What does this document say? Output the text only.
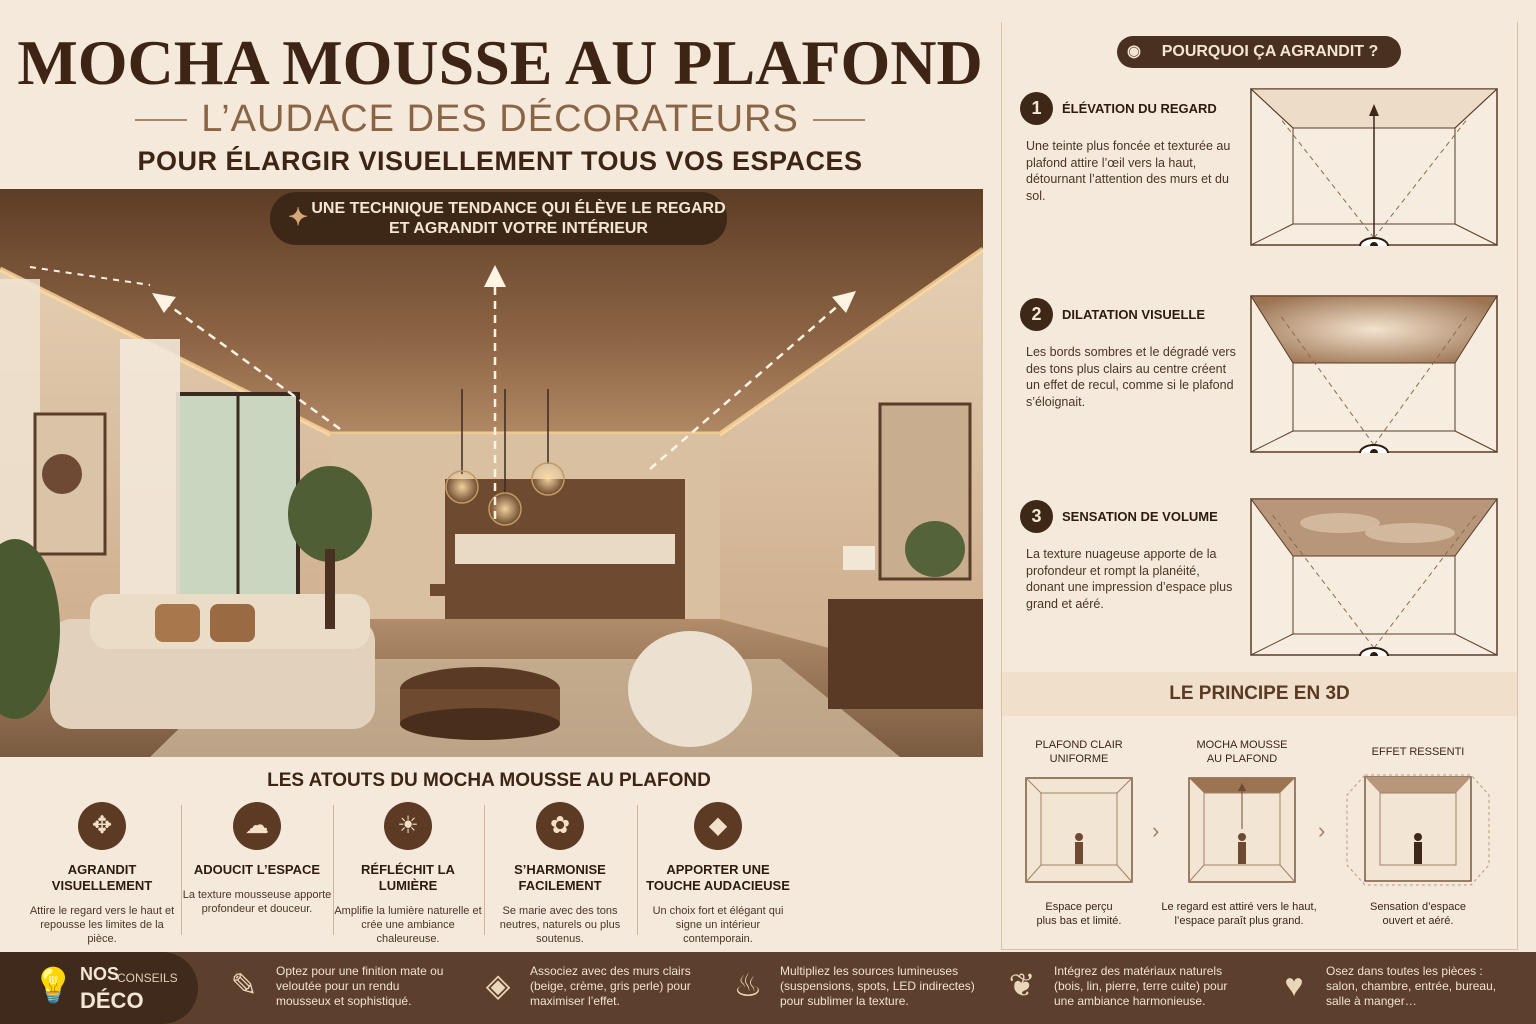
MOCHA MOUSSE AU PLAFOND
L’AUDACE DES DÉCORATEURS
POUR ÉLARGIR VISUELLEMENT TOUS VOS ESPACES
✦ UNE TECHNIQUE TENDANCE QUI ÉLÈVE LE REGARD
ET AGRANDIT VOTRE INTÉRIEUR
LES ATOUTS DU MOCHA MOUSSE AU PLAFOND
✥
AGRANDIT VISUELLEMENT

Attire le regard vers le haut et repousse les limites de la pièce.

☁
ADOUCIT L’ESPACE

La texture mousseuse apporte profondeur et douceur.

☀
RÉFLÉCHIT LA LUMIÈRE

Amplifie la lumière naturelle et crée une ambiance chaleureuse.

✿
S’HARMONISE FACILEMENT

Se marie avec des tons neutres, naturels ou plus soutenus.

◆
APPORTER UNE TOUCHE AUDACIEUSE

Un choix fort et élégant qui signe un intérieur contemporain.

◉ POURQUOI ÇA AGRANDIT ?
1	ÉLÉVATION DU REGARD

Une teinte plus foncée et texturée au plafond attire l’œil vers la haut, détournant l’attention des murs et du sol.

2	DILATATION VISUELLE

Les bords sombres et le dégradé vers des tons plus clairs au centre créent un effet de recul, comme si le plafond s’éloignait.

3	SENSATION DE VOLUME

La texture nuageuse apporte de la profondeur et rompt la planéité, donant une impression d’espace plus grand et aéré.

LE PRINCIPE EN 3D
PLAFOND CLAIR
UNIFORME
MOCHA MOUSSE
AU PLAFOND
EFFET RESSENTI
›	›
Espace perçu
plus bas et limité.
Le regard est attiré vers le haut,
l’espace paraît plus grand.
Sensation d’espace
ouvert et aéré.
💡 NOS
CONSEILS
DÉCO	✎	Optez pour une finition mate ou veloutée pour un rendu mousseux et sophistiqué.	◈	Associez avec des murs clairs (beige, crème, gris perle) pour maximiser l’effet.	♨	Multipliez les sources lumineuses (suspensions, spots, LED indirectes) pour sublimer la texture.	❦	Intégrez des matériaux naturels (bois, lin, pierre, terre cuite) pour une ambiance harmonieuse.	♥	Osez dans toutes les pièces : salon, chambre, entrée, bureau, salle à manger…
